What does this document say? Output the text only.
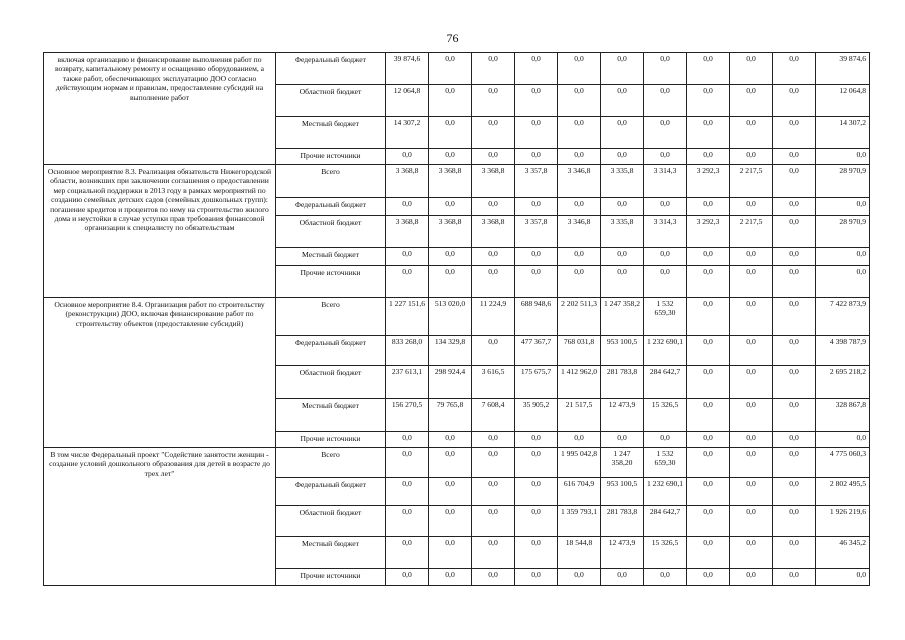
76
включая организацию и финансирование выполнения работ по возврату, капитальному ремонту и оснащению оборудованием, а также работ, обеспечивающих эксплуатацию ДОО согласно действующим нормам и правилам, предоставление субсидий на выполнение работ	Федеральный бюджет	39 874,6	0,0	0,0	0,0	0,0	0,0	0,0	0,0	0,0	0,0	39 874,6
	Областной бюджет	12 064,8	0,0	0,0	0,0	0,0	0,0	0,0	0,0	0,0	0,0	12 064,8
	Местный бюджет	14 307,2	0,0	0,0	0,0	0,0	0,0	0,0	0,0	0,0	0,0	14 307,2
	Прочие источники	0,0	0,0	0,0	0,0	0,0	0,0	0,0	0,0	0,0	0,0	0,0
Основное мероприятие 8.3. Реализация обязательств Нижегородской области, возникших при заключении соглашения о предоставлении мер социальной поддержки в 2013 году в рамках мероприятий по созданию семейных детских садов (семейных дошкольных групп): погашение кредитов и процентов по нему на строительство жилого дома и неустойки в случае уступки прав требования финансовой организации к специалисту по обязательствам	Всего	3 368,8	3 368,8	3 368,8	3 357,8	3 346,8	3 335,8	3 314,3	3 292,3	2 217,5	0,0	28 970,9
	Федеральный бюджет	0,0	0,0	0,0	0,0	0,0	0,0	0,0	0,0	0,0	0,0	0,0
	Областной бюджет	3 368,8	3 368,8	3 368,8	3 357,8	3 346,8	3 335,8	3 314,3	3 292,3	2 217,5	0,0	28 970,9
	Местный бюджет	0,0	0,0	0,0	0,0	0,0	0,0	0,0	0,0	0,0	0,0	0,0
	Прочие источники	0,0	0,0	0,0	0,0	0,0	0,0	0,0	0,0	0,0	0,0	0,0
Основное мероприятие 8.4. Организация работ по строительству (реконструкции) ДОО, включая финансирование работ по строительству объектов (предоставление субсидий)	Всего	1 227 151,6	513 020,0	11 224,9	688 948,6	2 202 511,3	1 247 358,2	1 532 659,30	0,0	0,0	0,0	7 422 873,9
	Федеральный бюджет	833 268,0	134 329,8	0,0	477 367,7	768 031,8	953 100,5	1 232 690,1	0,0	0,0	0,0	4 398 787,9
	Областной бюджет	237 613,1	298 924,4	3 616,5	175 675,7	1 412 962,0	281 783,8	284 642,7	0,0	0,0	0,0	2 695 218,2
	Местный бюджет	156 270,5	79 765,8	7 608,4	35 905,2	21 517,5	12 473,9	15 326,5	0,0	0,0	0,0	328 867,8
	Прочие источники	0,0	0,0	0,0	0,0	0,0	0,0	0,0	0,0	0,0	0,0	0,0
В том числе Федеральный проект "Содействие занятости женщин - создание условий дошкольного образования для детей в возрасте до трех лет"	Всего	0,0	0,0	0,0	0,0	1 995 042,8	1 247 358,20	1 532 659,30	0,0	0,0	0,0	4 775 060,3
	Федеральный бюджет	0,0	0,0	0,0	0,0	616 704,9	953 100,5	1 232 690,1	0,0	0,0	0,0	2 802 495,5
	Областной бюджет	0,0	0,0	0,0	0,0	1 359 793,1	281 783,8	284 642,7	0,0	0,0	0,0	1 926 219,6
	Местный бюджет	0,0	0,0	0,0	0,0	18 544,8	12 473,9	15 326,5	0,0	0,0	0,0	46 345,2
	Прочие источники	0,0	0,0	0,0	0,0	0,0	0,0	0,0	0,0	0,0	0,0	0,0
